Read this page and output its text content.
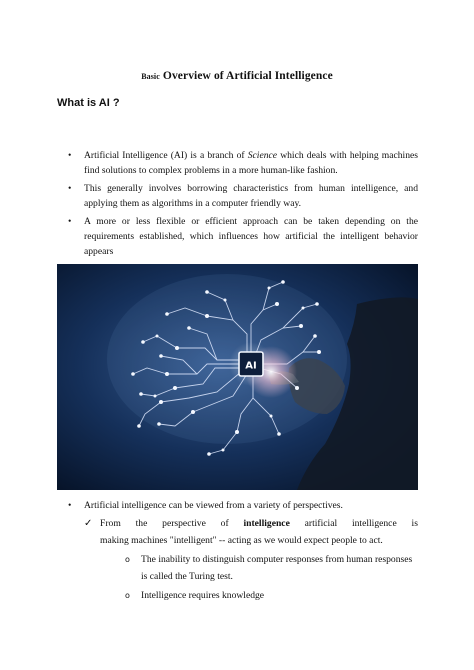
Basic Overview of Artificial Intelligence
What is AI ?
• Artificial Intelligence (AI) is a branch of Science which deals with helping machines find solutions to complex problems in a more human-like fashion.
• This generally involves borrowing characteristics from human intelligence, and applying them as algorithms in a computer friendly way.
• A more or less flexible or efficient approach can be taken depending on the requirements established, which influences how artificial the intelligent behavior appears
AI
• Artificial intelligence can be viewed from a variety of perspectives.
✓ From the perspective of intelligence artificial intelligence is
making machines "intelligent" -- acting as we would expect people to act.
o The inability to distinguish computer responses from human responses is called the Turing test.
o Intelligence requires knowledge
